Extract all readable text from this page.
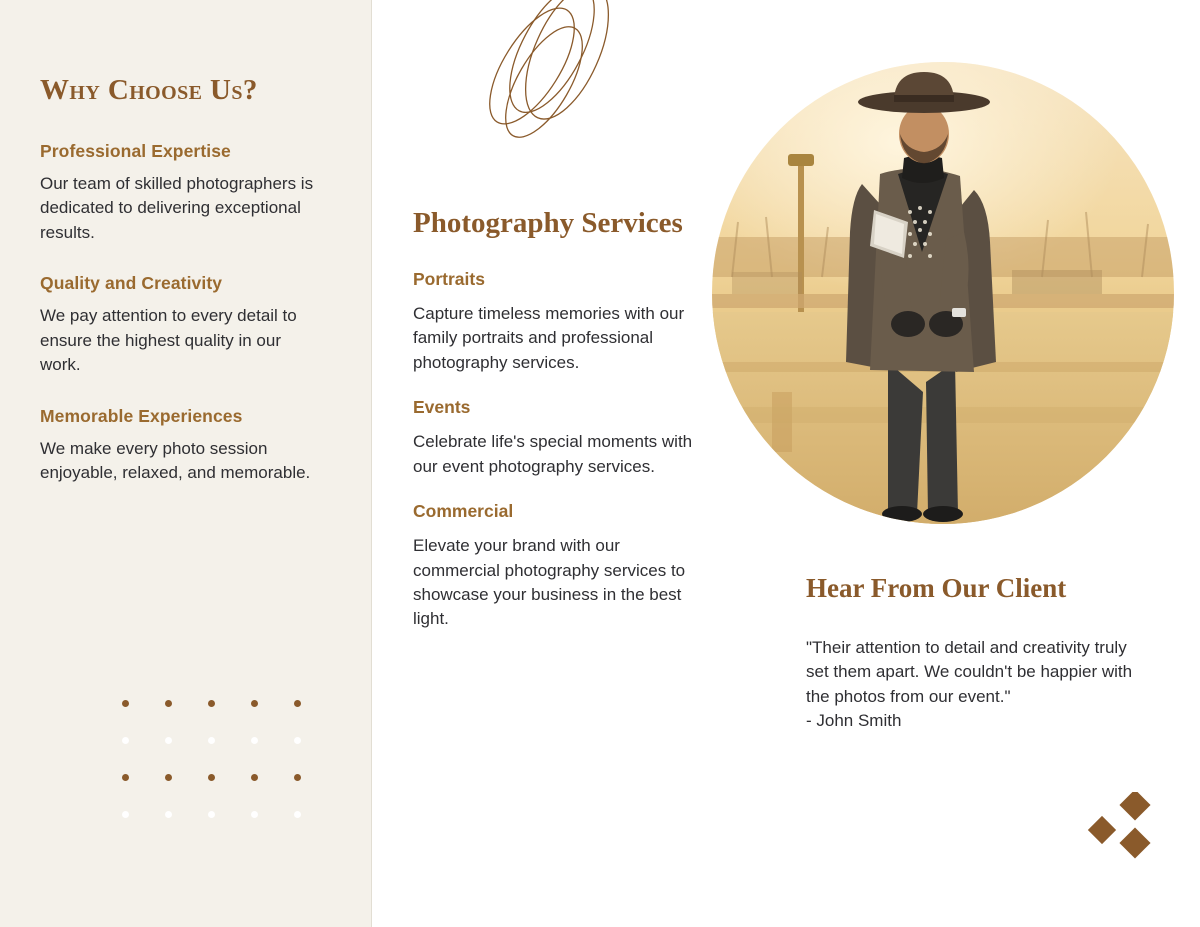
Why Choose Us?
Professional Expertise

Our team of skilled photographers is dedicated to delivering exceptional results.

Quality and Creativity

We pay attention to every detail to ensure the highest quality in our work.

Memorable Experiences

We make every photo session enjoyable, relaxed, and memorable.

Photography Services
Portraits

Capture timeless memories with our family portraits and professional photography services.

Events

Celebrate life's special moments with our event photography services.

Commercial

Elevate your brand with our commercial photography services to showcase your business in the best light.

Hear From Our Client

"Their attention to detail and creativity truly set them apart. We couldn't be happier with the photos from our event."

- John Smith
